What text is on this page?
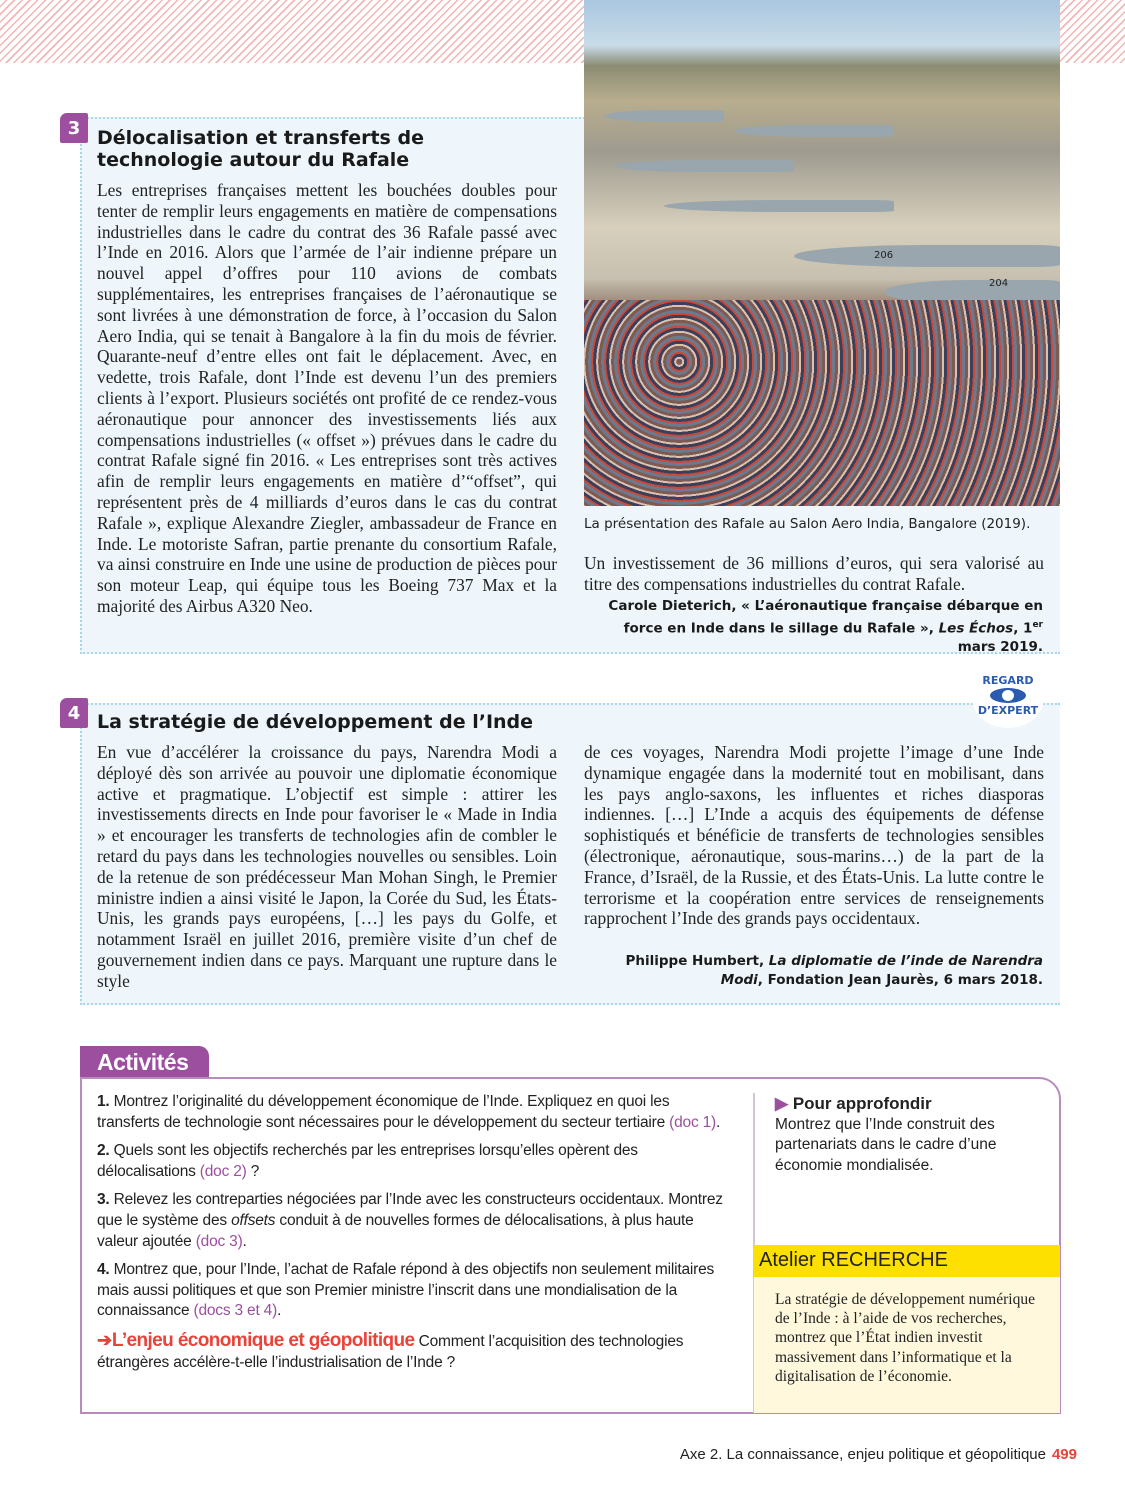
3 Délocalisation et transferts de technologie autour du Rafale
Les entreprises françaises mettent les bouchées doubles pour tenter de remplir leurs engagements en matière de compensations industrielles dans le cadre du contrat des 36 Rafale passé avec l’Inde en 2016. Alors que l’armée de l’air indienne prépare un nouvel appel d’offres pour 110 avions de combats supplémentaires, les entreprises françaises de l’aéronautique se sont livrées à une démonstration de force, à l’occasion du Salon Aero India, qui se tenait à Bangalore à la fin du mois de février. Quarante-neuf d’entre elles ont fait le déplacement. Avec, en vedette, trois Rafale, dont l’Inde est devenu l’un des premiers clients à l’export. Plusieurs sociétés ont profité de ce rendez-vous aéronautique pour annoncer des investissements liés aux compensations industrielles (« offset ») prévues dans le cadre du contrat Rafale signé fin 2016. « Les entreprises sont très actives afin de remplir leurs engagements en matière d’“offset”, qui représentent près de 4 milliards d’euros dans le cas du contrat Rafale », explique Alexandre Ziegler, ambassadeur de France en Inde. Le motoriste Safran, partie prenante du consortium Rafale, va ainsi construire en Inde une usine de production de pièces pour son moteur Leap, qui équipe tous les Boeing 737 Max et la majorité des Airbus A320 Neo.
206
204
La présentation des Rafale au Salon Aero India, Bangalore (2019).
Un investissement de 36 millions d’euros, qui sera valorisé au titre des compensations industrielles du contrat Rafale.
Carole Dieterich, « L’aéronautique française débarque en force en Inde dans le sillage du Rafale », Les Échos, 1er mars 2019.
REGARD
D’EXPERT
4 La stratégie de développement de l’Inde
En vue d’accélérer la croissance du pays, Narendra Modi a déployé dès son arrivée au pouvoir une diplomatie économique active et pragmatique. L’objectif est simple : attirer les investissements directs en Inde pour favoriser le « Made in India » et encourager les transferts de technologies afin de combler le retard du pays dans les technologies nouvelles ou sensibles. Loin de la retenue de son prédécesseur Man Mohan Singh, le Premier ministre indien a ainsi visité le Japon, la Corée du Sud, les États-Unis, les grands pays européens, […] les pays du Golfe, et notamment Israël en juillet 2016, première visite d’un chef de gouvernement indien dans ce pays. Marquant une rupture dans le style
de ces voyages, Narendra Modi projette l’image d’une Inde dynamique engagée dans la modernité tout en mobilisant, dans les pays anglo-saxons, les influentes et riches diasporas indiennes. […] L’Inde a acquis des équipements de défense sophistiqués et bénéficie de transferts de technologies sensibles (électronique, aéronautique, sous-marins…) de la part de la France, d’Israël, de la Russie, et des États-Unis. La lutte contre le terrorisme et la coopération entre services de renseignements rapprochent l’Inde des grands pays occidentaux.
Philippe Humbert, La diplomatie de l’inde de Narendra Modi, Fondation Jean Jaurès, 6 mars 2018.
Activités

1. Montrez l’originalité du développement économique de l’Inde. Expliquez en quoi les transferts de technologie sont nécessaires pour le développement du secteur tertiaire (doc 1).

2. Quels sont les objectifs recherchés par les entreprises lorsqu’elles opèrent des délocalisations (doc 2) ?

3. Relevez les contreparties négociées par l’Inde avec les constructeurs occidentaux. Montrez que le système des offsets conduit à de nouvelles formes de délocalisations, à plus haute valeur ajoutée (doc 3).

4. Montrez que, pour l’Inde, l’achat de Rafale répond à des objectifs non seulement militaires mais aussi politiques et que son Premier ministre l’inscrit dans une mondialisation de la connaissance (docs 3 et 4).

➔L’enjeu économique et géopolitique Comment l’acquisition des technologies étrangères accélère-t-elle l’industrialisation de l’Inde ?

▶ Pour approfondir
Montrez que l’Inde construit des partenariats dans le cadre d’une économie mondialisée.
Atelier RECHERCHE
La stratégie de développement numérique de l’Inde : à l’aide de vos recherches, montrez que l’État indien investit massivement dans l’informatique et la digitalisation de l’économie.
Axe 2. La connaissance, enjeu politique et géopolitique 499
